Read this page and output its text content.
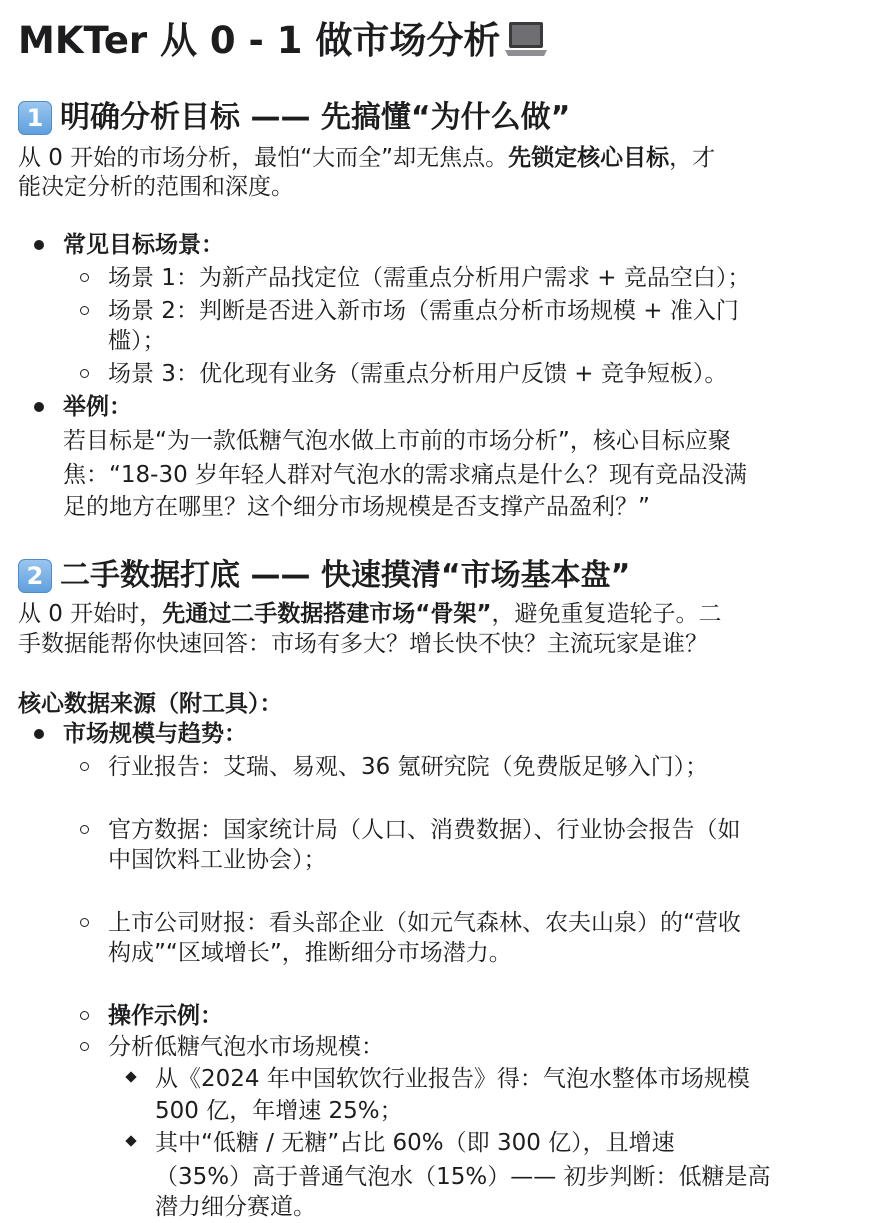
MKTer 从 0 - 1 做市场分析
1 明确分析目标 —— 先搞懂“为什么做”
从 0 开始的市场分析，最怕“大而全”却无焦点。先锁定核心目标，才
能决定分析的范围和深度。
常见目标场景：
场景 1：为新产品找定位（需重点分析用户需求 + 竞品空白）；
场景 2：判断是否进入新市场（需重点分析市场规模 + 准入门
槛）；
场景 3：优化现有业务（需重点分析用户反馈 + 竞争短板）。
举例：
若目标是“为一款低糖气泡水做上市前的市场分析”，核心目标应聚
焦：“18-30 岁年轻人群对气泡水的需求痛点是什么？现有竞品没满
足的地方在哪里？这个细分市场规模是否支撑产品盈利？”
2 二手数据打底 —— 快速摸清“市场基本盘”
从 0 开始时，先通过二手数据搭建市场“骨架”，避免重复造轮子。二
手数据能帮你快速回答：市场有多大？增长快不快？主流玩家是谁？
核心数据来源（附工具）：
市场规模与趋势：
行业报告：艾瑞、易观、36 氪研究院（免费版足够入门）；
官方数据：国家统计局（人口、消费数据）、行业协会报告（如
中国饮料工业协会）；
上市公司财报：看头部企业（如元气森林、农夫山泉）的“营收
构成”“区域增长”，推断细分市场潜力。
操作示例：
分析低糖气泡水市场规模：
从《2024 年中国软饮行业报告》得：气泡水整体市场规模
500 亿，年增速 25%；
其中“低糖 / 无糖”占比 60%（即 300 亿），且增速
（35%）高于普通气泡水（15%）—— 初步判断：低糖是高
潜力细分赛道。
